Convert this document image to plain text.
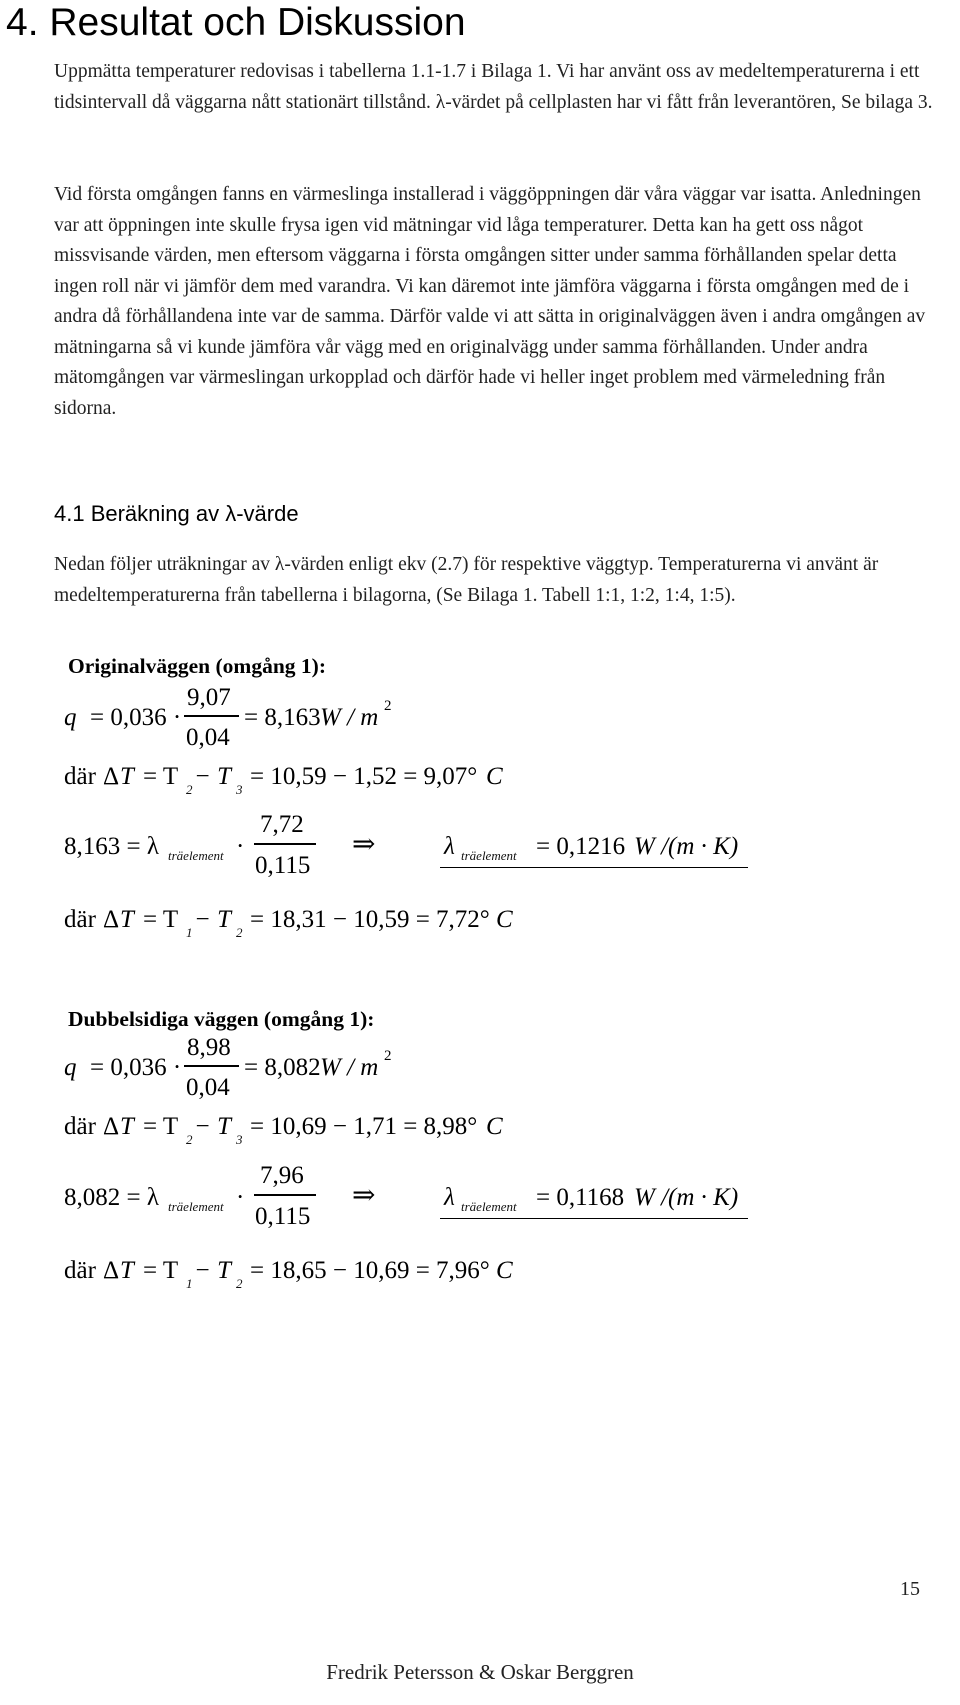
4. Resultat och Diskussion
Uppmätta temperaturer redovisas i tabellerna 1.1-1.7 i Bilaga 1. Vi har använt oss av medeltemperaturerna i ett tidsintervall då väggarna nått stationärt tillstånd. λ-värdet på cellplasten har vi fått från leverantören, Se bilaga 3.
Vid första omgången fanns en värmeslinga installerad i väggöppningen där våra väggar var isatta. Anledningen var att öppningen inte skulle frysa igen vid mätningar vid låga temperaturer. Detta kan ha gett oss något missvisande värden, men eftersom väggarna i första omgången sitter under samma förhållanden spelar detta ingen roll när vi jämför dem med varandra. Vi kan däremot inte jämföra väggarna i första omgången med de i andra då förhållandena inte var de samma. Därför valde vi att sätta in originalväggen även i andra omgången av mätningarna så vi kunde jämföra vår vägg med en originalvägg under samma förhållanden. Under andra mätomgången var värmeslingan urkopplad och därför hade vi heller inget problem med värmeledning från sidorna.
4.1 Beräkning av λ-värde
Nedan följer uträkningar av λ-värden enligt ekv (2.7) för respektive väggtyp. Temperaturerna vi använt är medeltemperaturerna från tabellerna i bilagorna, (Se Bilaga 1. Tabell 1:1, 1:2, 1:4, 1:5).
Originalväggen (omgång 1):
q = 0,036 ·
9,07
0,04
= 8,163 W / m 2
där Δ T = T 2 − T 3 = 10,59 − 1,52 = 9,07° C
8,163 = λ träelement ·
7,72
0,115
⇒	λ träelement = 0,1216 W /(m · K)
där Δ T = T 1 − T 2 = 18,31 − 10,59 = 7,72° C
Dubbelsidiga väggen (omgång 1):
q = 0,036 ·
8,98
0,04
= 8,082 W / m 2
där Δ T = T 2 − T 3 = 10,69 − 1,71 = 8,98° C
8,082 = λ träelement ·
7,96
0,115
⇒	λ träelement = 0,1168 W /(m · K)
där Δ T = T 1 − T 2 = 18,65 − 10,69 = 7,96° C
15
Fredrik Petersson & Oskar Berggren
